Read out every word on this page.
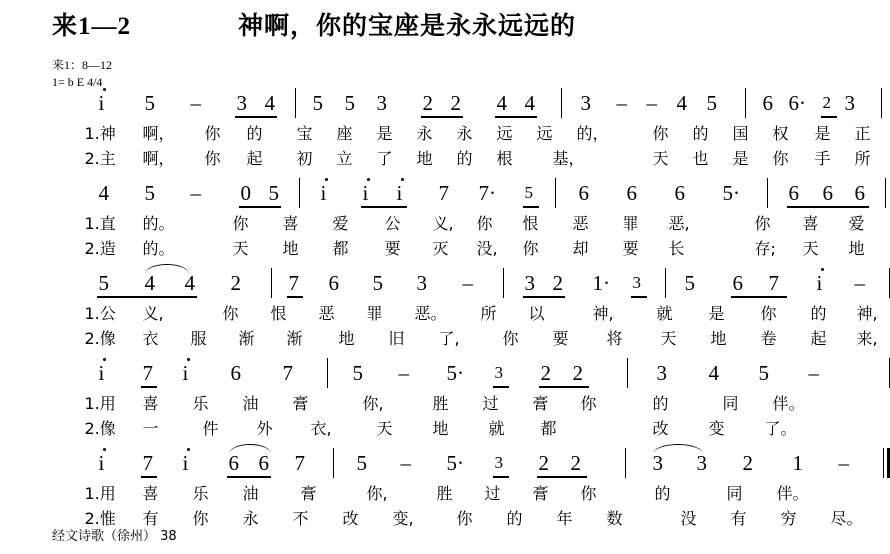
来1—2	神啊，你的宝座是永永远远的
来1：8—12
1= b E 4/4
i 5 – 3 4 5 5 3 2 2 4 4 3 – – 4 5 6 6· 2 3
1.神 啊， 你 的 宝 座 是 永 永 远 远 的，	你 的 国 权 是 正
2.主 啊， 你 起 初 立 了 地 的 根 基，	天 也 是 你 手 所
4 5 – 0 5 i i i 7 7· 5 6 6 6 5· 6 6 6
1.直 的。	你 喜 爱 公 义, 你 恨 恶 罪 恶,	你 喜 爱
2.造 的。	天 地 都 要 灭 没, 你 却 要 长	存; 天 地
5 4 4 2 7 6 5 3 – 3 2 1· 3 5 6 7 i –
1.公 义,	你 恨 恶 罪 恶。 所 以	神,	就 是 你 的 神,
2.像 衣 服 渐 渐 地 旧 了,	你 要 将 天 地 卷 起 来,
i 7 i 6 7	5 – 5· 3 2 2	3 4 5 –
1.用 喜 乐 油 膏	你,	胜 过 膏 你	的	同 伴。
2.像 一	件 外 衣,	天 地 就 都	改 变 了。
i 7 i 6 6 7 5 – 5· 3 2 2	3 3 2 1 –
1.用 喜 乐 油	膏	你,	胜 过 膏 你	的	同 伴。
2.惟 有 你 永 不 改 变,	你 的 年 数	没 有 穷 尽。
经文诗歌（徐州） 38
